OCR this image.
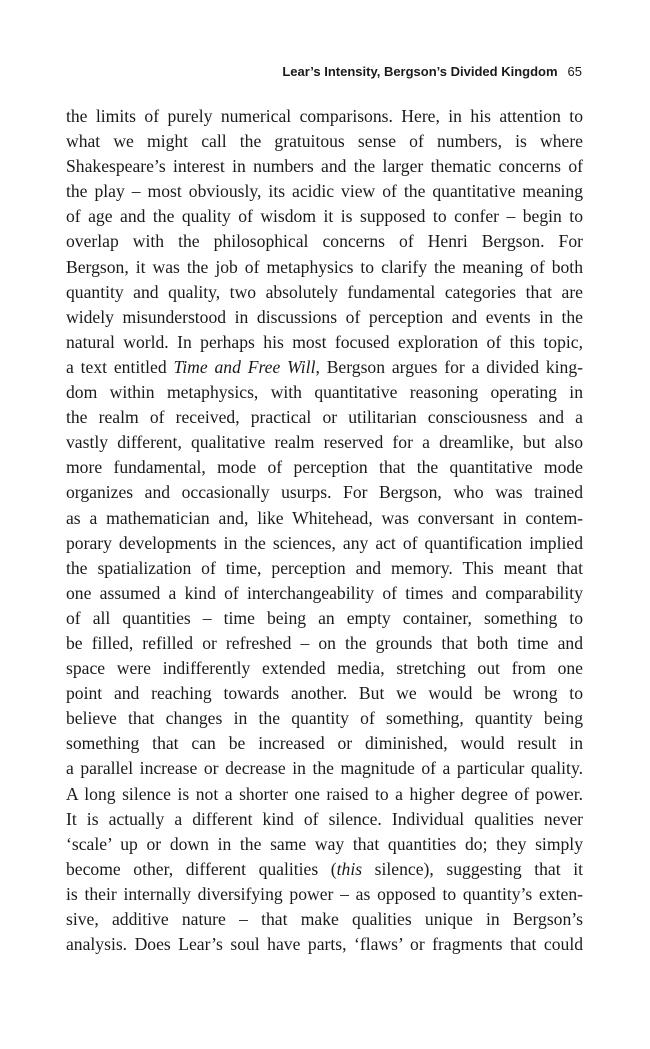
Lear’s Intensity, Bergson’s Divided Kingdom 65
the limits of purely numerical comparisons. Here, in his attention to
what we might call the gratuitous sense of numbers, is where
Shakespeare’s interest in numbers and the larger thematic concerns of
the play – most obviously, its acidic view of the quantitative meaning
of age and the quality of wisdom it is supposed to confer – begin to
overlap with the philosophical concerns of Henri Bergson. For
Bergson, it was the job of metaphysics to clarify the meaning of both
quantity and quality, two absolutely fundamental categories that are
widely misunderstood in discussions of perception and events in the
natural world. In perhaps his most focused exploration of this topic,
a text entitled Time and Free Will, Bergson argues for a divided king-
dom within metaphysics, with quantitative reasoning operating in
the realm of received, practical or utilitarian consciousness and a
vastly different, qualitative realm reserved for a dreamlike, but also
more fundamental, mode of perception that the quantitative mode
organizes and occasionally usurps. For Bergson, who was trained
as a mathematician and, like Whitehead, was conversant in contem-
porary developments in the sciences, any act of quantification implied
the spatialization of time, perception and memory. This meant that
one assumed a kind of interchangeability of times and comparability
of all quantities – time being an empty container, something to
be filled, refilled or refreshed – on the grounds that both time and
space were indifferently extended media, stretching out from one
point and reaching towards another. But we would be wrong to
believe that changes in the quantity of something, quantity being
something that can be increased or diminished, would result in
a parallel increase or decrease in the magnitude of a particular quality.
A long silence is not a shorter one raised to a higher degree of power.
It is actually a different kind of silence. Individual qualities never
‘scale’ up or down in the same way that quantities do; they simply
become other, different qualities (this silence), suggesting that it
is their internally diversifying power – as opposed to quantity’s exten-
sive, additive nature – that make qualities unique in Bergson’s
analysis. Does Lear’s soul have parts, ‘flaws’ or fragments that could
